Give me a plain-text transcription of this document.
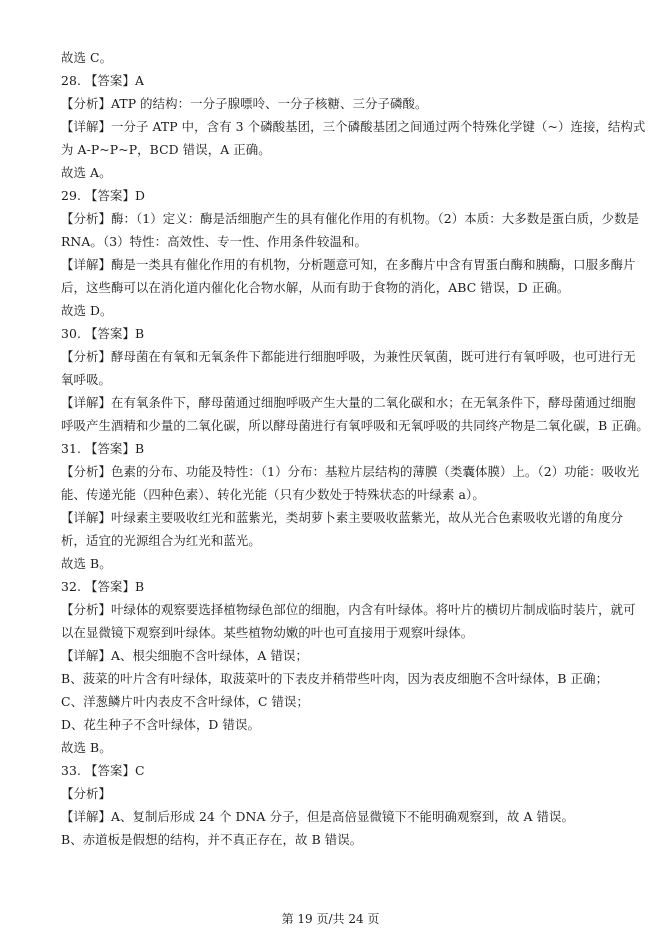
故选 C。
28. 【答案】A
【分析】ATP 的结构：一分子腺嘌呤、一分子核糖、三分子磷酸。
【详解】一分子 ATP 中，含有 3 个磷酸基团，三个磷酸基团之间通过两个特殊化学键（~）连接，结构式
为 A-P~P~P，BCD 错误，A 正确。
故选 A。
29. 【答案】D
【分析】酶：（1）定义：酶是活细胞产生的具有催化作用的有机物。（2）本质：大多数是蛋白质，少数是
RNA。（3）特性：高效性、专一性、作用条件较温和。
【详解】酶是一类具有催化作用的有机物，分析题意可知，在多酶片中含有胃蛋白酶和胰酶，口服多酶片
后，这些酶可以在消化道内催化化合物水解，从而有助于食物的消化，ABC 错误，D 正确。
故选 D。
30. 【答案】B
【分析】酵母菌在有氧和无氧条件下都能进行细胞呼吸，为兼性厌氧菌，既可进行有氧呼吸，也可进行无
氧呼吸。
【详解】在有氧条件下，酵母菌通过细胞呼吸产生大量的二氧化碳和水；在无氧条件下，酵母菌通过细胞
呼吸产生酒精和少量的二氧化碳，所以酵母菌进行有氧呼吸和无氧呼吸的共同终产物是二氧化碳，B 正确。
31. 【答案】B
【分析】色素的分布、功能及特性：（1）分布：基粒片层结构的薄膜（类囊体膜）上。（2）功能：吸收光
能、传递光能（四种色素）、转化光能（只有少数处于特殊状态的叶绿素 a）。
【详解】叶绿素主要吸收红光和蓝紫光，类胡萝卜素主要吸收蓝紫光，故从光合色素吸收光谱的角度分
析，适宜的光源组合为红光和蓝光。
故选 B。
32. 【答案】B
【分析】叶绿体的观察要选择植物绿色部位的细胞，内含有叶绿体。将叶片的横切片制成临时装片，就可
以在显微镜下观察到叶绿体。某些植物幼嫩的叶也可直接用于观察叶绿体。
【详解】A、根尖细胞不含叶绿体，A 错误；
B、菠菜的叶片含有叶绿体，取菠菜叶的下表皮并稍带些叶肉，因为表皮细胞不含叶绿体，B 正确；
C、洋葱鳞片叶内表皮不含叶绿体，C 错误；
D、花生种子不含叶绿体，D 错误。
故选 B。
33. 【答案】C
【分析】
【详解】A、复制后形成 24 个 DNA 分子，但是高倍显微镜下不能明确观察到，故 A 错误。
B、赤道板是假想的结构，并不真正存在，故 B 错误。
第 19 页/共 24 页
